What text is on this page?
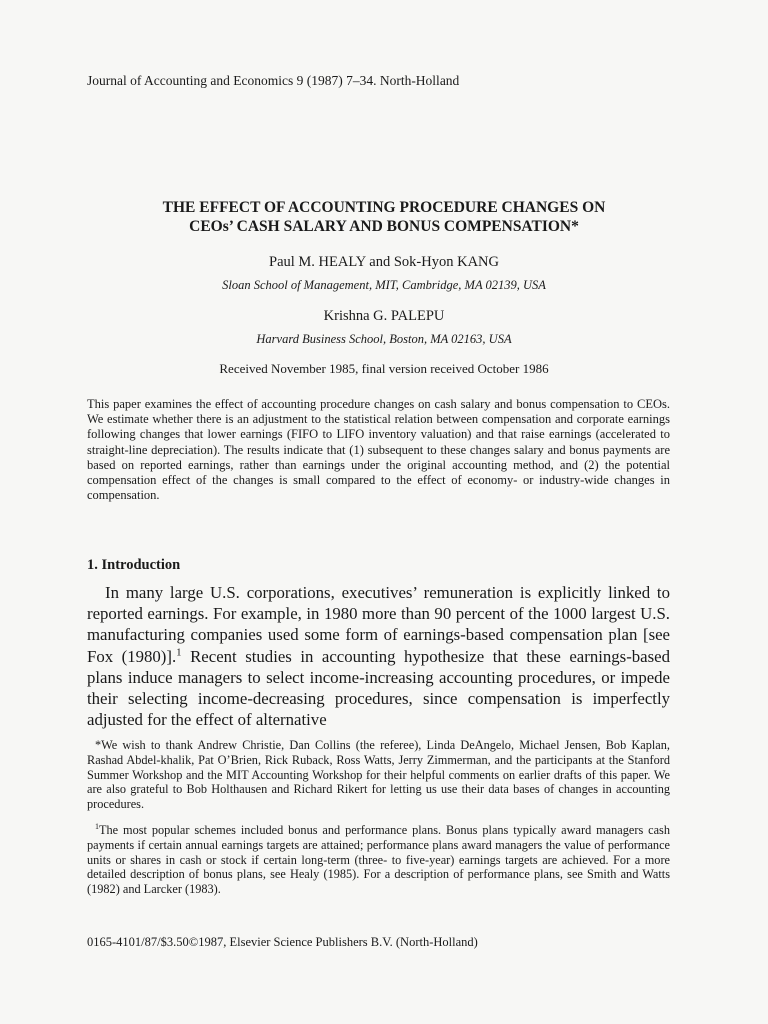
Journal of Accounting and Economics 9 (1987) 7–34. North-Holland
THE EFFECT OF ACCOUNTING PROCEDURE CHANGES ON
CEOs’ CASH SALARY AND BONUS COMPENSATION*
Paul M. HEALY and Sok-Hyon KANG
Sloan School of Management, MIT, Cambridge, MA 02139, USA
Krishna G. PALEPU
Harvard Business School, Boston, MA 02163, USA
Received November 1985, final version received October 1986

This paper examines the effect of accounting procedure changes on cash salary and bonus compensation to CEOs. We estimate whether there is an adjustment to the statistical relation between compensation and corporate earnings following changes that lower earnings (FIFO to LIFO inventory valuation) and that raise earnings (accelerated to straight-line depreciation). The results indicate that (1) subsequent to these changes salary and bonus payments are based on reported earnings, rather than earnings under the original accounting method, and (2) the potential compensation effect of the changes is small compared to the effect of economy- or industry-wide changes in compensation.

1. Introduction

In many large U.S. corporations, executives’ remuneration is explicitly linked to reported earnings. For example, in 1980 more than 90 percent of the 1000 largest U.S. manufacturing companies used some form of earnings-based compensation plan [see Fox (1980)].$^1$ Recent studies in accounting hypothesize that these earnings-based plans induce managers to select income-increasing accounting procedures, or impede their selecting income-decreasing procedures, since compensation is imperfectly adjusted for the effect of alternative

*We wish to thank Andrew Christie, Dan Collins (the referee), Linda DeAngelo, Michael Jensen, Bob Kaplan, Rashad Abdel-khalik, Pat O’Brien, Rick Ruback, Ross Watts, Jerry Zimmerman, and the participants at the Stanford Summer Workshop and the MIT Accounting Workshop for their helpful comments on earlier drafts of this paper. We are also grateful to Bob Holthausen and Richard Rikert for letting us use their data bases of changes in accounting procedures.

$^1$The most popular schemes included bonus and performance plans. Bonus plans typically award managers cash payments if certain annual earnings targets are attained; performance plans award managers the value of performance units or shares in cash or stock if certain long-term (three- to five-year) earnings targets are achieved. For a more detailed description of bonus plans, see Healy (1985). For a description of performance plans, see Smith and Watts (1982) and Larcker (1983).

0165-4101/87/$3.50©1987, Elsevier Science Publishers B.V. (North-Holland)
